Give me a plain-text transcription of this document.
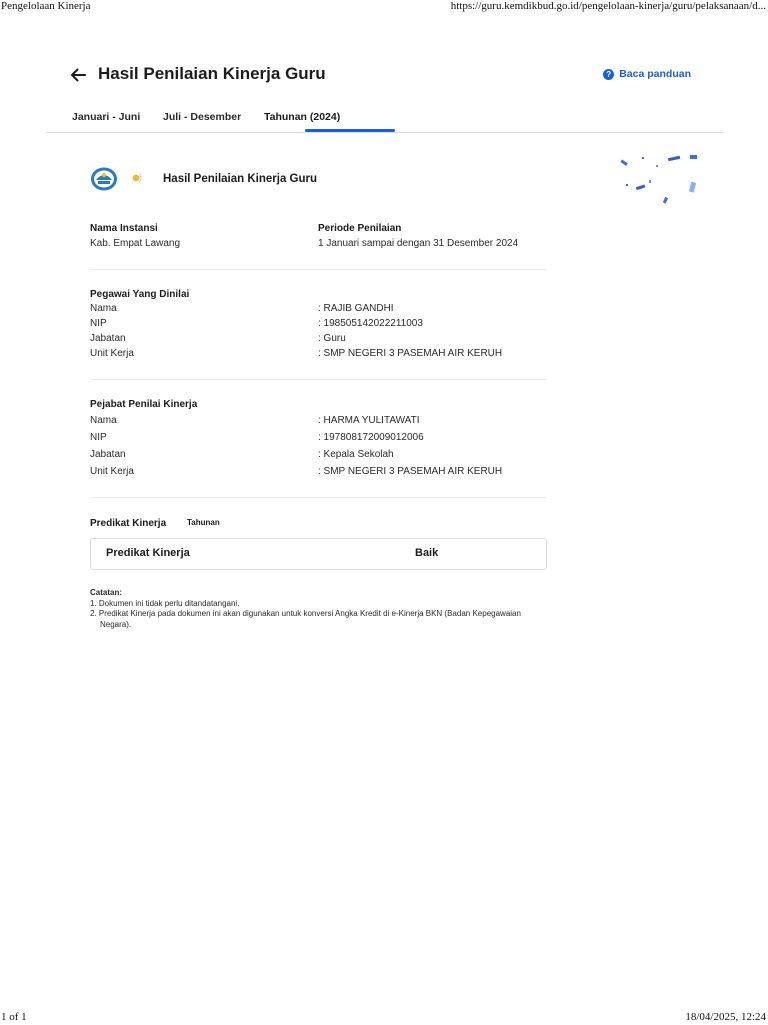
Pengelolaan Kinerja	https://guru.kemdikbud.go.id/pengelolaan-kinerja/guru/pelaksanaan/d...
Hasil Penilaian Kinerja Guru	? Baca panduan
Januari - Juni Juli - Desember Tahunan (2024)
Hasil Penilaian Kinerja Guru
Nama Instansi
Kab. Empat Lawang
Periode Penilaian
1 Januari sampai dengan 31 Desember 2024
Pegawai Yang Dinilai
Nama	: RAJIB GANDHI
NIP	: 198505142022211003
Jabatan	: Guru
Unit Kerja	: SMP NEGERI 3 PASEMAH AIR KERUH
Pejabat Penilai Kinerja
Nama	: HARMA YULITAWATI
NIP	: 197808172009012006
Jabatan	: Kepala Sekolah
Unit Kerja	: SMP NEGERI 3 PASEMAH AIR KERUH
Predikat Kinerja	Tahunan
Predikat Kinerja	Baik
Catatan:
1. Dokumen ini tidak perlu ditandatangani.
2. Predikat Kinerja pada dokumen ini akan digunakan untuk konversi Angka Kredit di e-Kinerja BKN (Badan Kepegawaian Negara).
1 of 1	18/04/2025, 12:24
